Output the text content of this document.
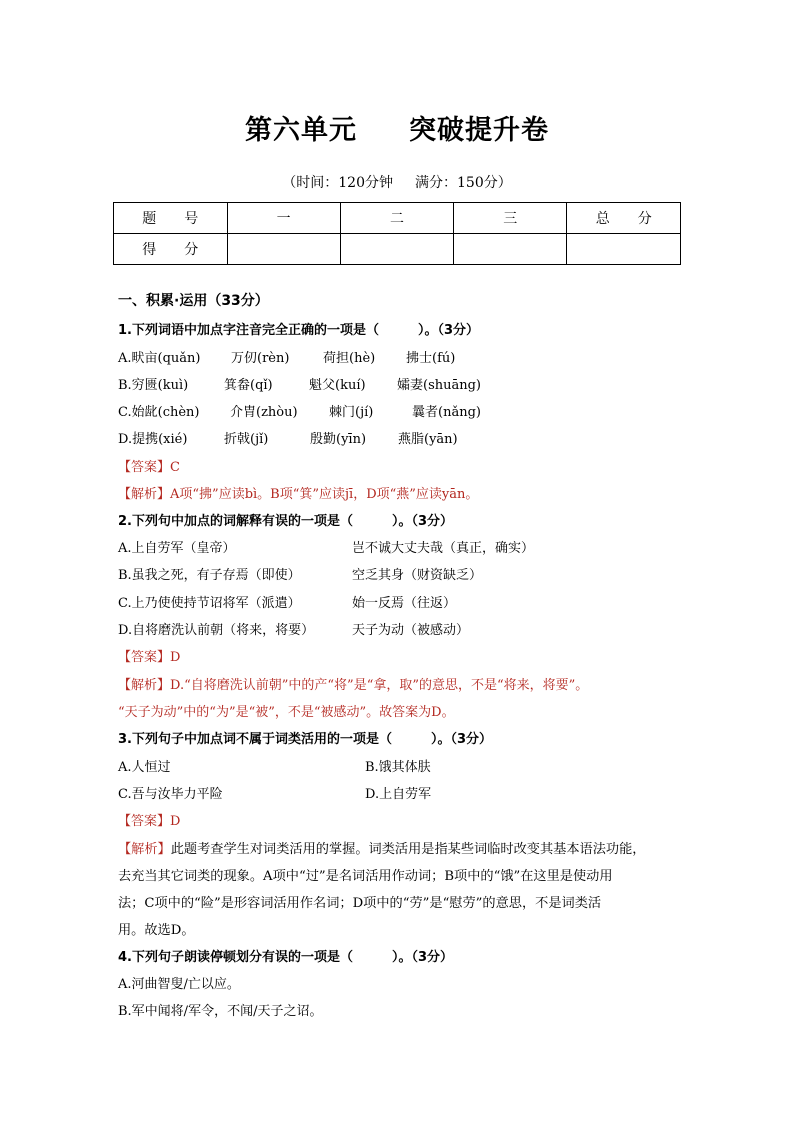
第六单元 突破提升卷
（时间：120分钟 满分：150分）
题　　号	一	二	三	总　　分
得　　分				
一、积累·运用（33分）
1.下列词语中加点字注音完全正确的一项是（　　　）。（3分）
A.畎亩(quǎn) 万仞(rèn)	荷担(hè) 拂士(fú)
B.穷匮(kuì)	箕畚(qǐ)	魁父(kuí) 孀妻(shuāng)
C.始龀(chèn) 介胄(zhòu) 棘门(jí)	曩者(nǎng)
D.提携(xié)	折戟(jǐ)	殷勤(yīn) 燕脂(yān)
【答案】C
【解析】A项“拂”应读bì。B项“箕”应读jī，D项“燕”应读yān。
2.下列句中加点的词解释有误的一项是（　　　）。（3分）
A.上自劳军（皇帝）	岂不诚大丈夫哉（真正，确实）
B.虽我之死，有子存焉（即使）	空乏其身（财资缺乏）
C.上乃使使持节诏将军（派遣）	始一反焉（往返）
D.自将磨洗认前朝（将来，将要）	天子为动（被感动）
【答案】D
【解析】D.“自将磨洗认前朝”中的产“将”是“拿，取”的意思，不是“将来，将要”。
“天子为动”中的“为”是“被”，不是“被感动”。故答案为D。
3.下列句子中加点词不属于词类活用的一项是（　　　）。（3分）
A.人恒过	B.饿其体肤
C.吾与汝毕力平险	D.上自劳军
【答案】D
【解析】此题考查学生对词类活用的掌握。词类活用是指某些词临时改变其基本语法功能，
去充当其它词类的现象。A项中“过”是名词活用作动词；B项中的“饿”在这里是使动用
法；C项中的“险”是形容词活用作名词；D项中的“劳”是“慰劳”的意思，不是词类活
用。故选D。
4.下列句子朗读停顿划分有误的一项是（　　　）。（3分）
A.河曲智叟/亡以应。
B.军中闻将/军令，不闻/天子之诏。
